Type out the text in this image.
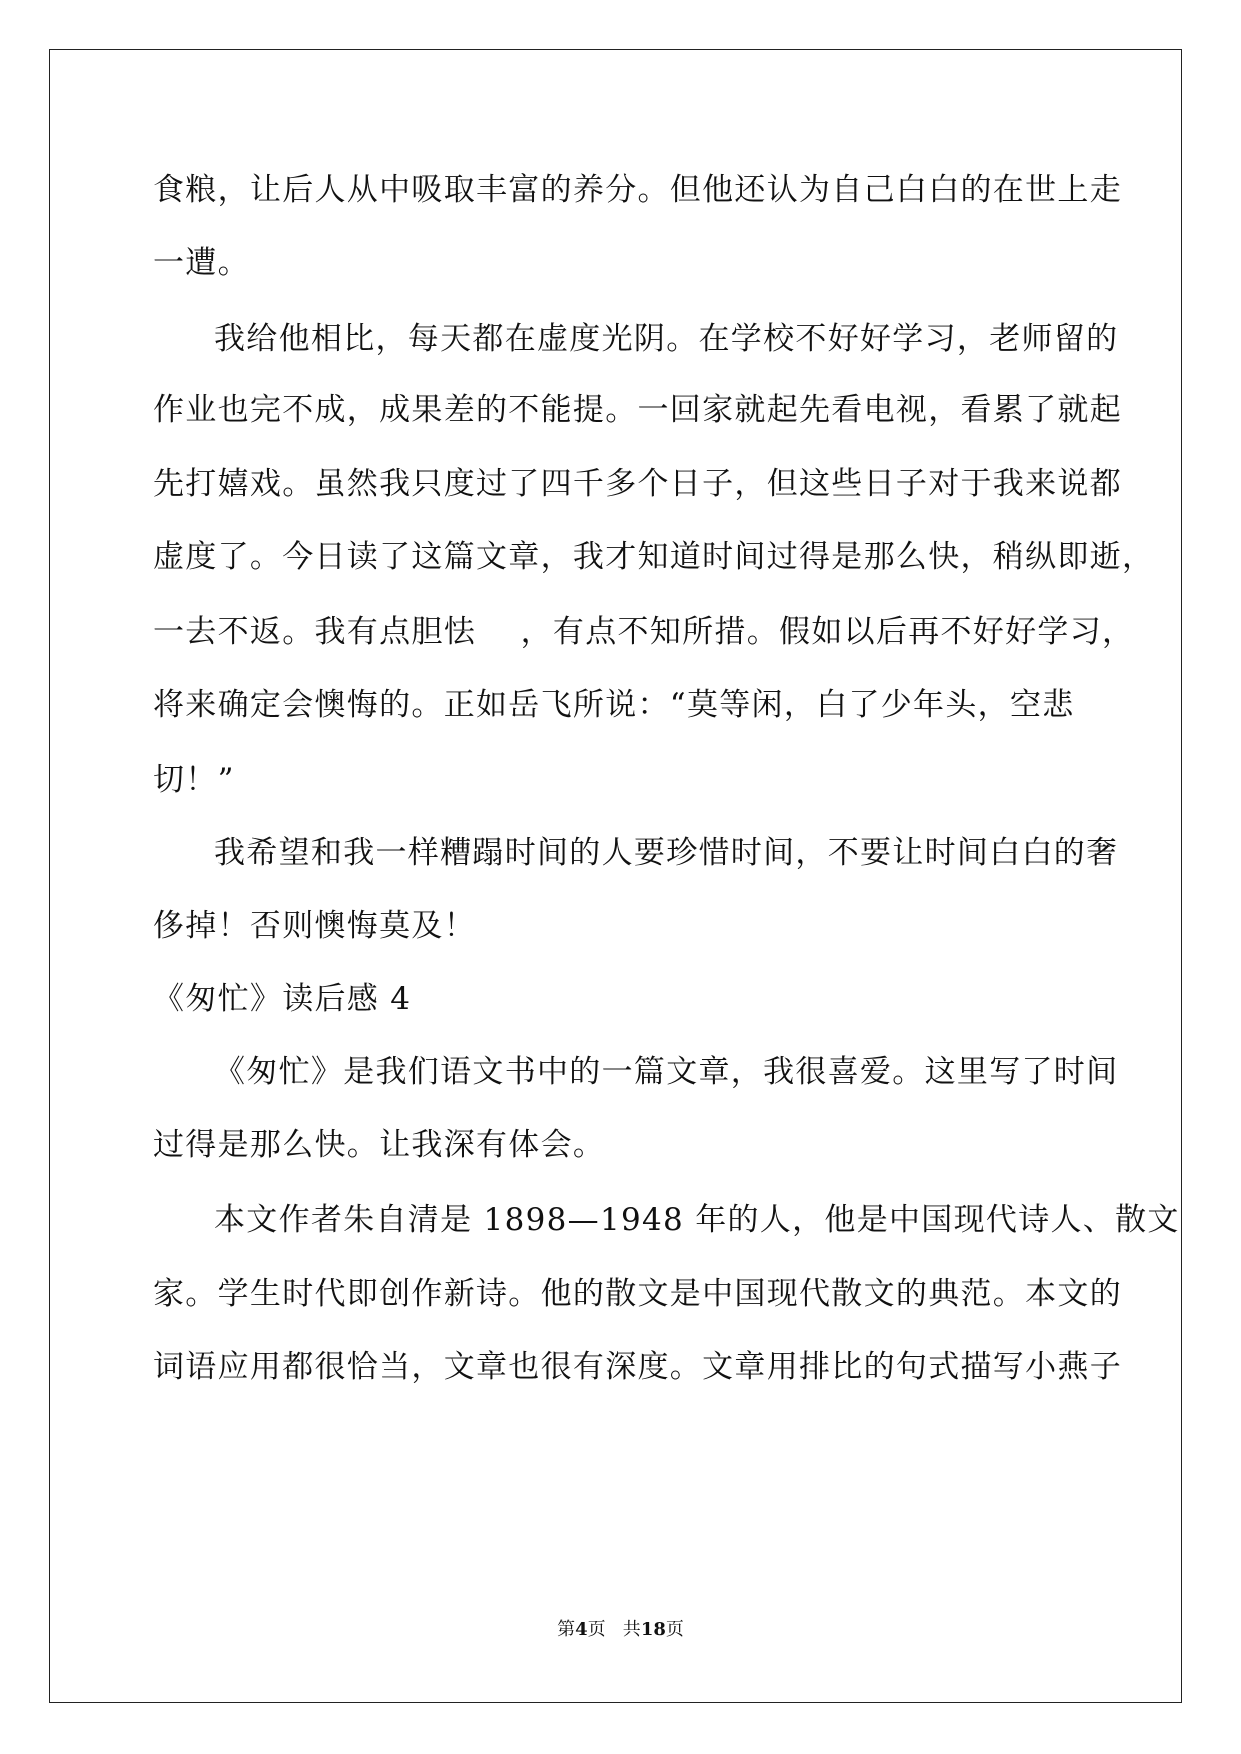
食粮，让后人从中吸取丰富的养分。但他还认为自己白白的在世上走
一遭。
我给他相比，每天都在虚度光阴。在学校不好好学习，老师留的
作业也完不成，成果差的不能提。一回家就起先看电视，看累了就起
先打嬉戏。虽然我只度过了四千多个日子，但这些日子对于我来说都
虚度了。今日读了这篇文章，我才知道时间过得是那么快，稍纵即逝，
一去不返。我有点胆怯    ，有点不知所措。假如以后再不好好学习，
将来确定会懊悔的。正如岳飞所说：“莫等闲，白了少年头，空悲
切！”
我希望和我一样糟蹋时间的人要珍惜时间，不要让时间白白的奢
侈掉！否则懊悔莫及！
《匆忙》读后感 4
《匆忙》是我们语文书中的一篇文章，我很喜爱。这里写了时间
过得是那么快。让我深有体会。
本文作者朱自清是 1898—1948 年的人，他是中国现代诗人、散文
家。学生时代即创作新诗。他的散文是中国现代散文的典范。本文的
词语应用都很恰当，文章也很有深度。文章用排比的句式描写小燕子
第4页   共18页
